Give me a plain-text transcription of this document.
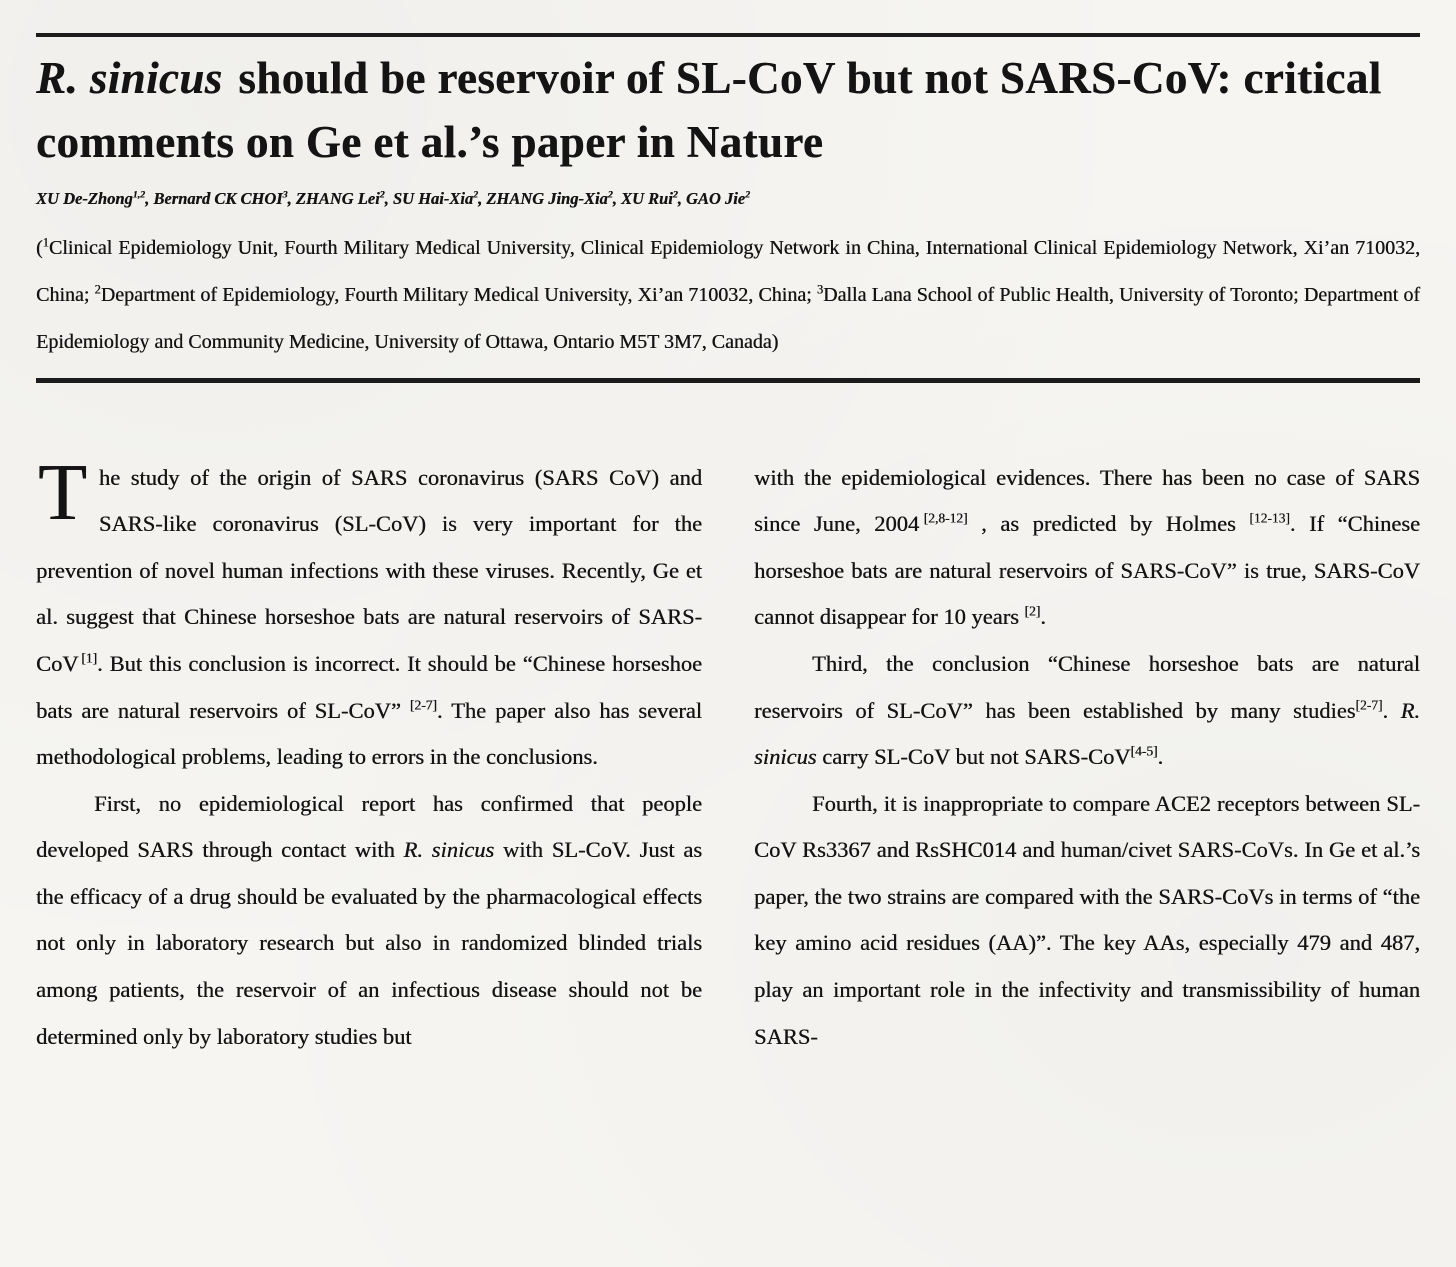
R. sinicus should be reservoir of SL-CoV but not SARS-CoV: critical comments on Ge et al.’s paper in Nature

XU De-Zhong$^{1,2}$, Bernard CK CHOI$^3$, ZHANG Lei$^2$, SU Hai-Xia$^2$, ZHANG Jing-Xia$^2$, XU Rui$^2$, GAO Jie$^2$

($^1$Clinical Epidemiology Unit, Fourth Military Medical University, Clinical Epidemiology Network in China, International Clinical Epidemiology Network, Xi’an 710032, China; $^2$Department of Epidemiology, Fourth Military Medical University, Xi’an 710032, China; $^3$Dalla Lana School of Public Health, University of Toronto; Department of Epidemiology and Community Medicine, University of Ottawa, Ontario M5T 3M7, Canada)

The study of the origin of SARS coronavirus (SARS CoV) and SARS-like coronavirus (SL-CoV) is very important for the prevention of novel human infections with these viruses. Recently, Ge et al. suggest that Chinese horseshoe bats are natural reservoirs of SARS-CoV [1]. But this conclusion is incorrect. It should be “Chinese horseshoe bats are natural reservoirs of SL-CoV” [2-7]. The paper also has several methodological problems, leading to errors in the conclusions.

First, no epidemiological report has confirmed that people developed SARS through contact with R. sinicus with SL-CoV. Just as the efficacy of a drug should be evaluated by the pharmacological effects not only in laboratory research but also in randomized blinded trials among patients, the reservoir of an infectious disease should not be determined only by laboratory studies but

with the epidemiological evidences. There has been no case of SARS since June, 2004 [2,8-12] , as predicted by Holmes [12-13]. If “Chinese horseshoe bats are natural reservoirs of SARS-CoV” is true, SARS-CoV cannot disappear for 10 years [2].

Third, the conclusion “Chinese horseshoe bats are natural reservoirs of SL-CoV” has been established by many studies[2-7]. R. sinicus carry SL-CoV but not SARS-CoV[4-5].

Fourth, it is inappropriate to compare ACE2 receptors between SL-CoV Rs3367 and RsSHC014 and human/civet SARS-CoVs. In Ge et al.’s paper, the two strains are compared with the SARS-CoVs in terms of “the key amino acid residues (AA)”. The key AAs, especially 479 and 487, play an important role in the infectivity and transmissibility of human SARS-
